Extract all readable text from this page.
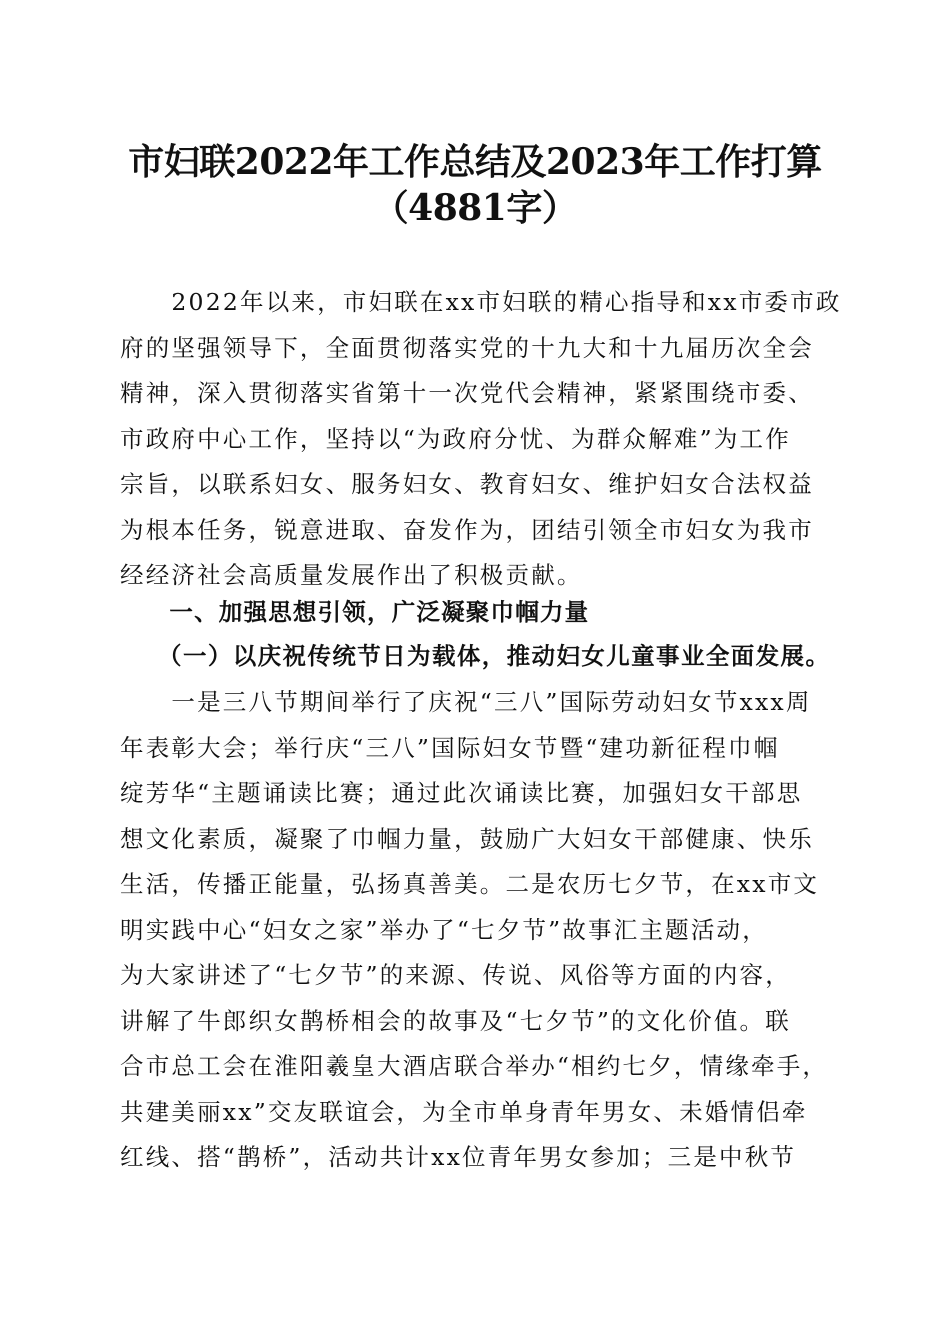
市妇联2022年工作总结及2023年工作打算
（4881字）
　　2022年以来，市妇联在xx市妇联的精心指导和xx市委市政
府的坚强领导下，全面贯彻落实党的十九大和十九届历次全会
精神，深入贯彻落实省第十一次党代会精神，紧紧围绕市委、
市政府中心工作，坚持以“为政府分忧、为群众解难”为工作
宗旨，以联系妇女、服务妇女、教育妇女、维护妇女合法权益
为根本任务，锐意进取、奋发作为，团结引领全市妇女为我市
经经济社会高质量发展作出了积极贡献。
　　一、加强思想引领，广泛凝聚巾帼力量
　　（一）以庆祝传统节日为载体，推动妇女儿童事业全面发展。
　　一是三八节期间举行了庆祝“三八”国际劳动妇女节xxx周
年表彰大会；举行庆“三八”国际妇女节暨“建功新征程巾帼
绽芳华“主题诵读比赛；通过此次诵读比赛，加强妇女干部思
想文化素质，凝聚了巾帼力量，鼓励广大妇女干部健康、快乐
生活，传播正能量，弘扬真善美。二是农历七夕节，在xx市文
明实践中心“妇女之家”举办了“七夕节”故事汇主题活动，
为大家讲述了“七夕节”的来源、传说、风俗等方面的内容，
讲解了牛郎织女鹊桥相会的故事及“七夕节”的文化价值。联
合市总工会在淮阳羲皇大酒店联合举办“相约七夕，情缘牵手，
共建美丽xx”交友联谊会，为全市单身青年男女、未婚情侣牵
红线、搭“鹊桥”，活动共计xx位青年男女参加；三是中秋节
